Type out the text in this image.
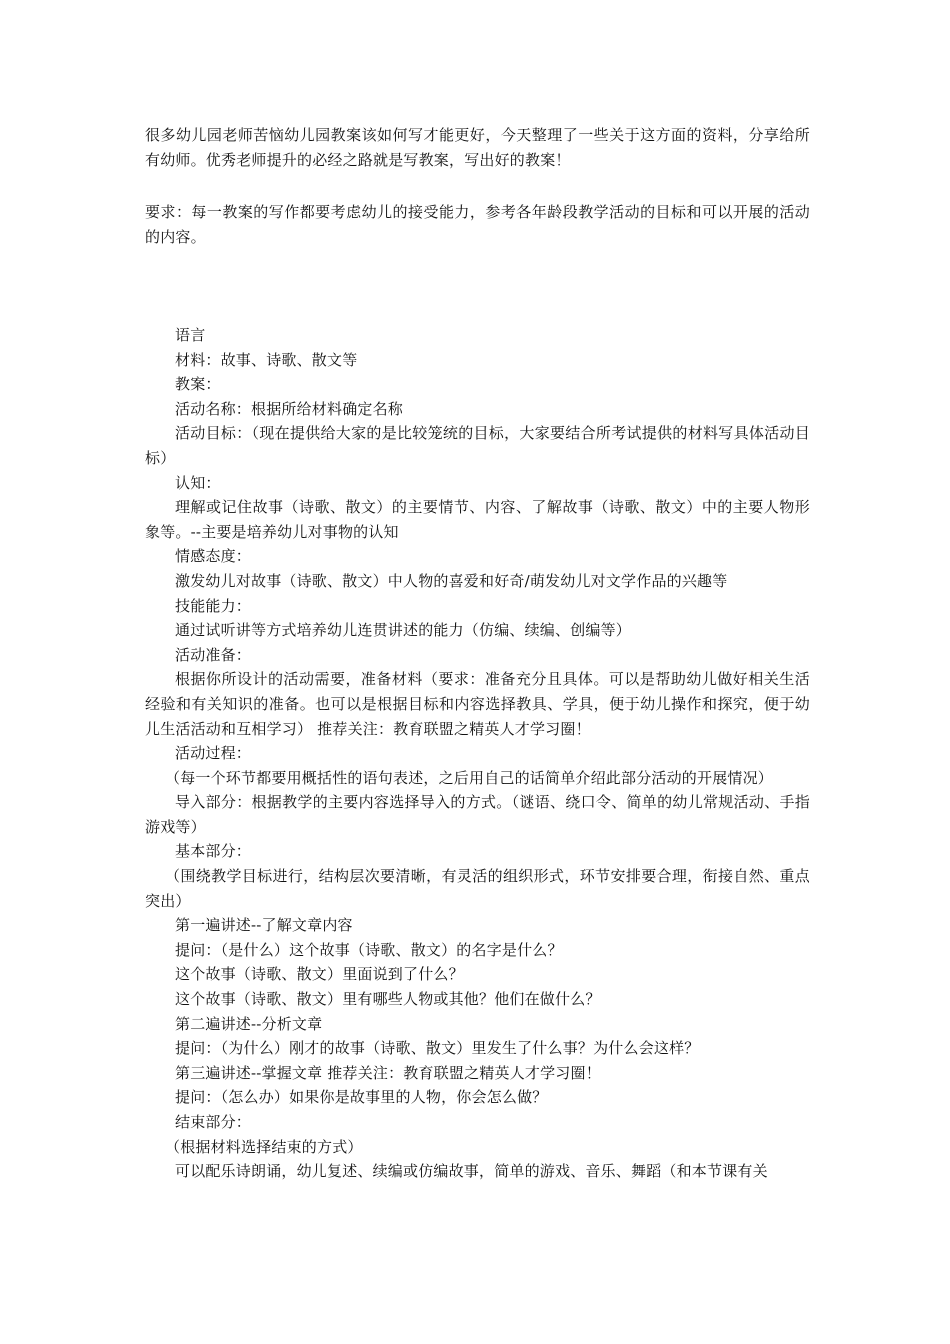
很多幼儿园老师苦恼幼儿园教案该如何写才能更好，今天整理了一些关于这方面的资料，分享给所有幼师。优秀老师提升的必经之路就是写教案，写出好的教案！

要求：每一教案的写作都要考虑幼儿的接受能力，参考各年龄段教学活动的目标和可以开展的活动的内容。

语言

材料：故事、诗歌、散文等

教案：

活动名称：根据所给材料确定名称

活动目标：（现在提供给大家的是比较笼统的目标，大家要结合所考试提供的材料写具体活动目标）

认知：

理解或记住故事（诗歌、散文）的主要情节、内容、了解故事（诗歌、散文）中的主要人物形象等。--主要是培养幼儿对事物的认知

情感态度：

激发幼儿对故事（诗歌、散文）中人物的喜爱和好奇/萌发幼儿对文学作品的兴趣等

技能能力：

通过试听讲等方式培养幼儿连贯讲述的能力（仿编、续编、创编等）

活动准备：

根据你所设计的活动需要，准备材料（要求：准备充分且具体。可以是帮助幼儿做好相关生活经验和有关知识的准备。也可以是根据目标和内容选择教具、学具，便于幼儿操作和探究，便于幼儿生活活动和互相学习） 推荐关注：教育联盟之精英人才学习圈！

活动过程：

（每一个环节都要用概括性的语句表述，之后用自己的话简单介绍此部分活动的开展情况）

导入部分：根据教学的主要内容选择导入的方式。（谜语、绕口令、简单的幼儿常规活动、手指游戏等）

基本部分：

（围绕教学目标进行，结构层次要清晰，有灵活的组织形式，环节安排要合理，衔接自然、重点突出）

第一遍讲述--了解文章内容

提问：（是什么）这个故事（诗歌、散文）的名字是什么？

这个故事（诗歌、散文）里面说到了什么？

这个故事（诗歌、散文）里有哪些人物或其他？他们在做什么？

第二遍讲述--分析文章

提问：（为什么）刚才的故事（诗歌、散文）里发生了什么事？为什么会这样？

第三遍讲述--掌握文章 推荐关注：教育联盟之精英人才学习圈！

提问：（怎么办）如果你是故事里的人物，你会怎么做？

结束部分：

（根据材料选择结束的方式）

可以配乐诗朗诵，幼儿复述、续编或仿编故事，简单的游戏、音乐、舞蹈（和本节课有关
